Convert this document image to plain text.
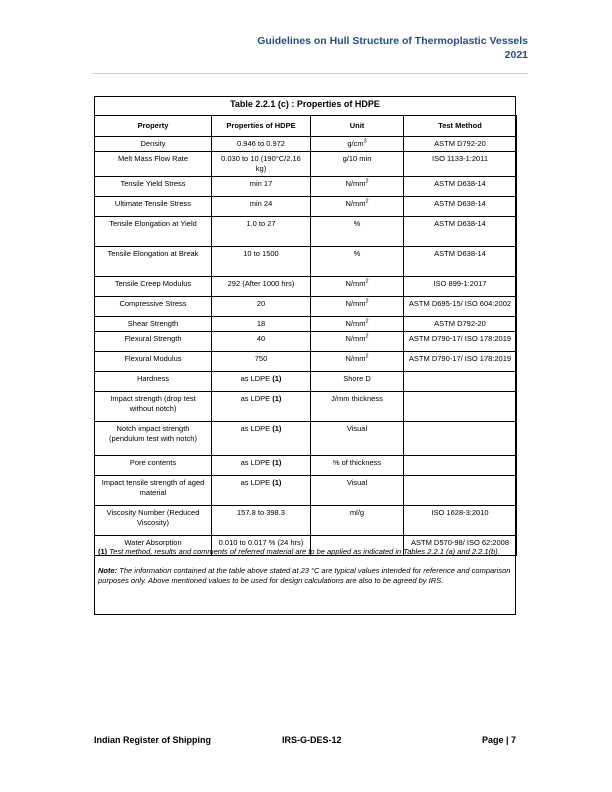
Guidelines on Hull Structure of Thermoplastic Vessels
2021
Table 2.2.1 (c) : Properties of HDPE
Property	Properties of HDPE	Unit	Test Method
Density	0.946 to 0.972	$g/cm^3$	ASTM D792-20
Melt Mass Flow Rate	0.030 to 10 (190°C/2.16 kg)	g/10 min	ISO 1133-1:2011
Tensile Yield Stress	min 17	$N/mm^2$	ASTM D638-14
Ultimate Tensile Stress	min 24	$N/mm^2$	ASTM D638-14
Tensile Elongation at Yield	1.0 to 27	%	ASTM D638-14
Tensile Elongation at Break	10 to 1500	%	ASTM D638-14
Tensile Creep Modulus	292 (After 1000 hrs)	$N/mm^2$	ISO 899-1:2017
Compressive Stress	20	$N/mm^2$	ASTM D695-15/ ISO 604:2002
Shear Strength	18	$N/mm^2$	ASTM D792-20
Flexural Strength	40	$N/mm^2$	ASTM D790-17/ ISO 178:2019
Flexural Modulus	750	$N/mm^2$	ASTM D790-17/ ISO 178:2019
Hardness	as LDPE (1)	Shore D	
Impact strength (drop test without notch)	as LDPE (1)	J/mm thickness	
Notch impact strength (pendulum test with notch)	as LDPE (1)	Visual	
Pore contents	as LDPE (1)	% of thickness	
Impact tensile strength of aged material	as LDPE (1)	Visual	
Viscosity Number (Reduced Viscosity)	157.8 to 398.3	ml/g	ISO 1628-3:2010
Water Absorption	0.010 to 0.017 % (24 hrs)		ASTM D570-98/ ISO 62:2008

(1) Test method, results and comments of referred material are to be applied as indicated in Tables 2.2.1 (a) and 2.2.1(b).

Note: The information contained at the table above stated at 23 °C are typical values intended for reference and comparison purposes only. Above mentioned values to be used for design calculations are also to be agreed by IRS.

Indian Register of Shipping	IRS-G-DES-12	Page | 7
